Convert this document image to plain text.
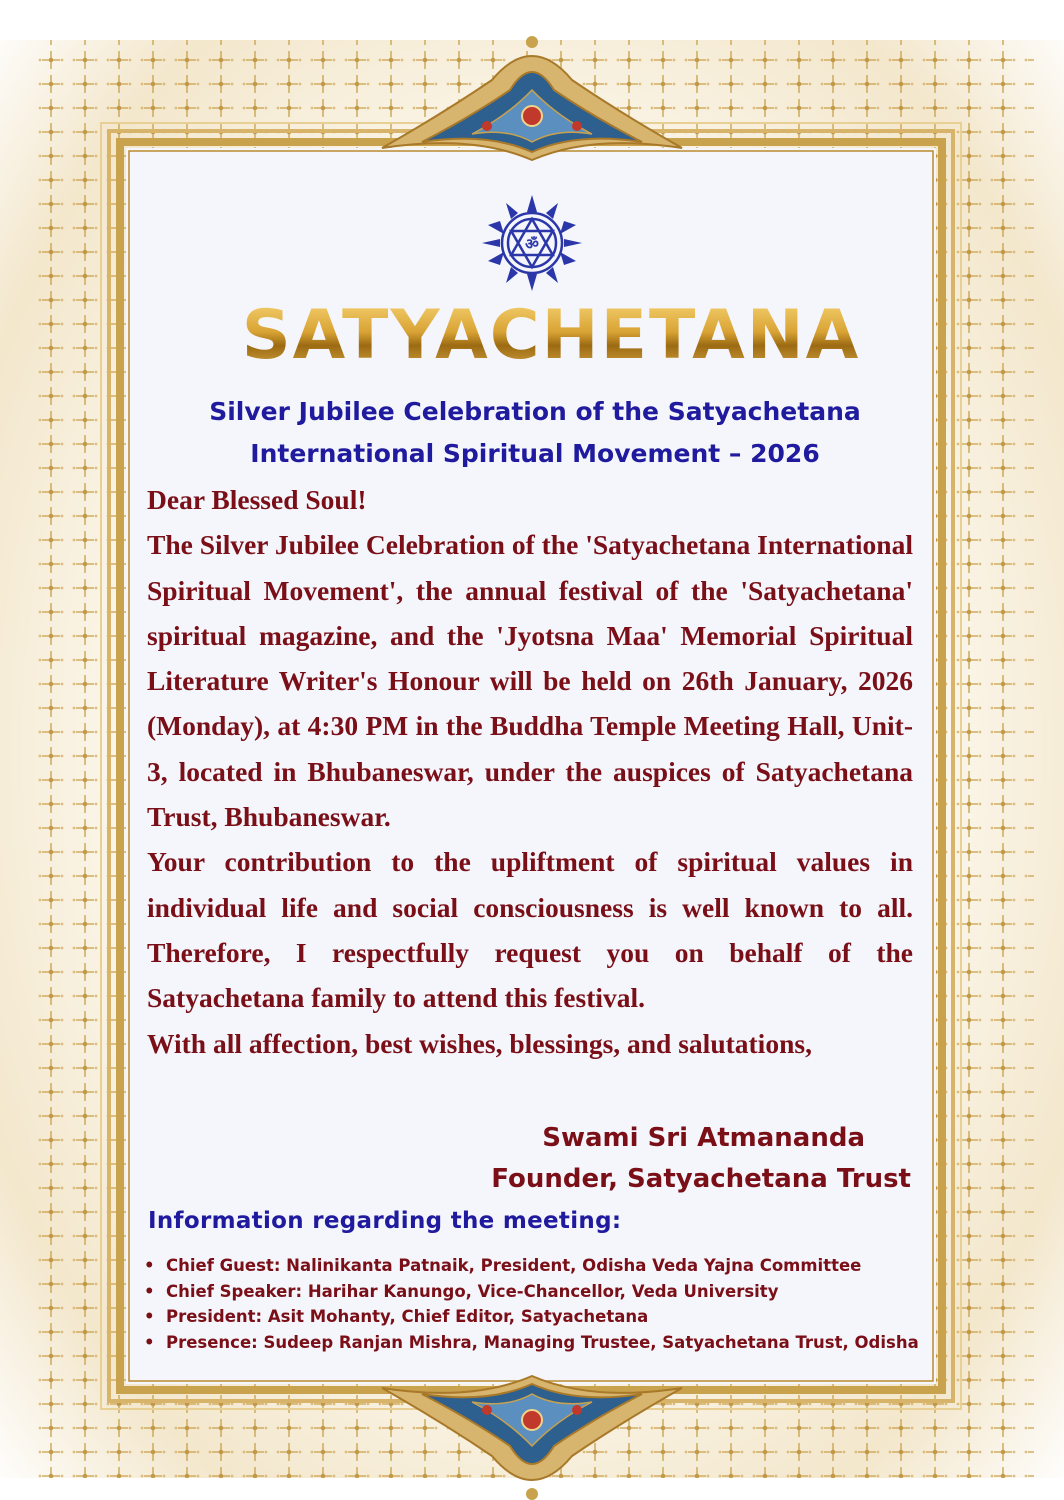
ॐ
SATYACHETANA
Silver Jubilee Celebration of the Satyachetana
International Spiritual Movement – 2026

Dear Blessed Soul!

The Silver Jubilee Celebration of the 'Satyachetana International Spiritual Movement', the annual festival of the 'Satyachetana' spiritual magazine, and the 'Jyotsna Maa' Memorial Spiritual Literature Writer's Honour will be held on 26th January, 2026 (Monday), at 4:30 PM in the Buddha Temple Meeting Hall, Unit-3, located in Bhubaneswar, under the auspices of Satyachetana Trust, Bhubaneswar.

Your contribution to the upliftment of spiritual values in individual life and social consciousness is well known to all. Therefore, I respectfully request you on behalf of the Satyachetana family to attend this festival.

With all affection, best wishes, blessings, and salutations,

Swami Sri Atmananda
Founder, Satyachetana Trust
Information regarding the meeting:
• Chief Guest: Nalinikanta Patnaik, President, Odisha Veda Yajna Committee
• Chief Speaker: Harihar Kanungo, Vice-Chancellor, Veda University
• President: Asit Mohanty, Chief Editor, Satyachetana
• Presence: Sudeep Ranjan Mishra, Managing Trustee, Satyachetana Trust, Odisha
